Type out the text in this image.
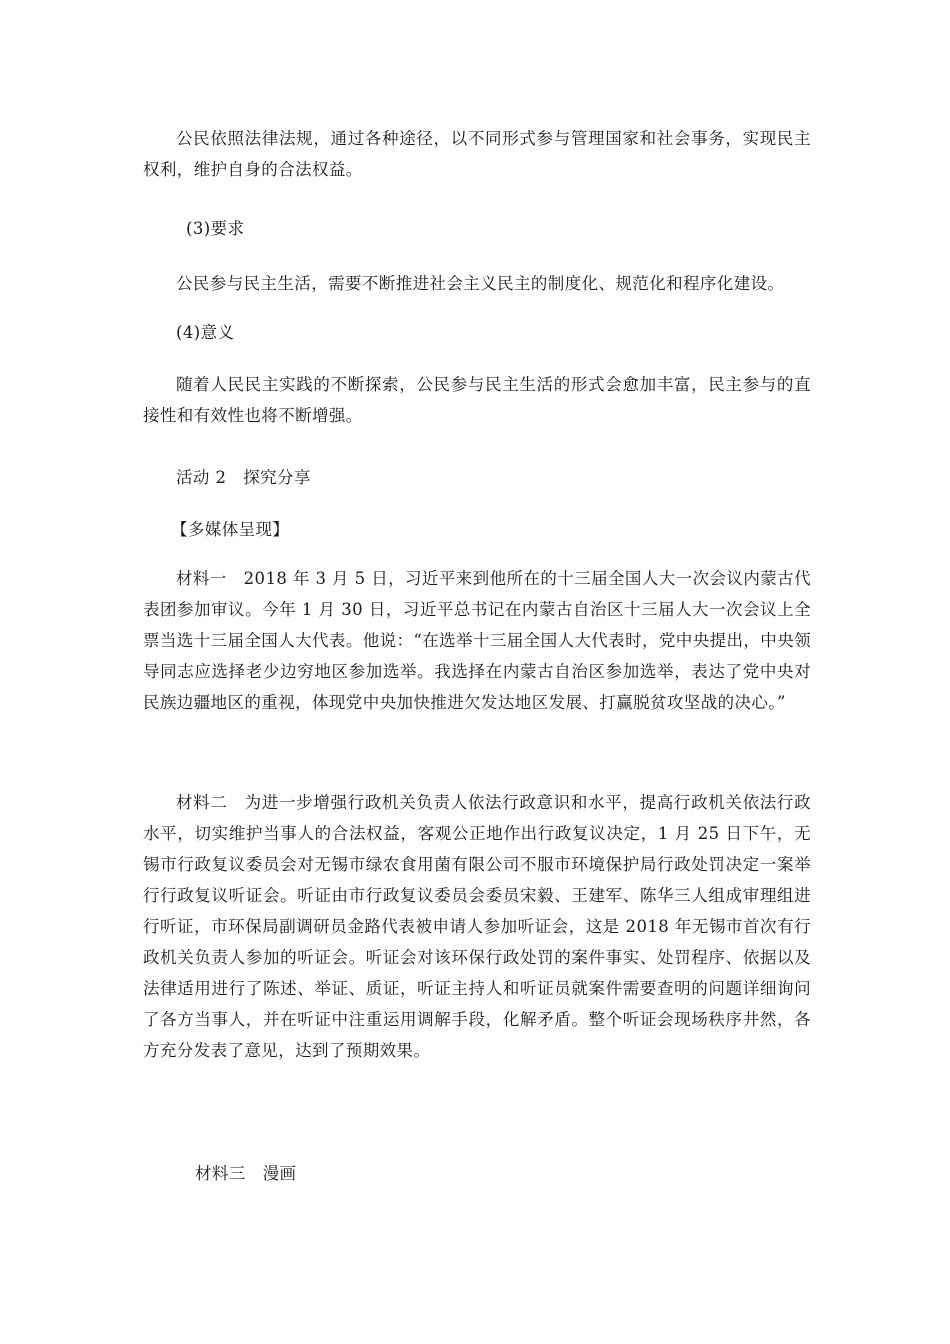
公民依照法律法规，通过各种途径，以不同形式参与管理国家和社会事务，实现民主权利，维护自身的合法权益。
(3)要求
公民参与民主生活，需要不断推进社会主义民主的制度化、规范化和程序化建设。
(4)意义
随着人民民主实践的不断探索，公民参与民主生活的形式会愈加丰富，民主参与的直接性和有效性也将不断增强。
活动 2　探究分享
【多媒体呈现】
材料一　2018 年 3 月 5 日，习近平来到他所在的十三届全国人大一次会议内蒙古代表团参加审议。今年 1 月 30 日，习近平总书记在内蒙古自治区十三届人大一次会议上全票当选十三届全国人大代表。他说：“在选举十三届全国人大代表时，党中央提出，中央领导同志应选择老少边穷地区参加选举。我选择在内蒙古自治区参加选举，表达了党中央对民族边疆地区的重视，体现党中央加快推进欠发达地区发展、打赢脱贫攻坚战的决心。”
材料二　为进一步增强行政机关负责人依法行政意识和水平，提高行政机关依法行政水平，切实维护当事人的合法权益，客观公正地作出行政复议决定，1 月 25 日下午，无锡市行政复议委员会对无锡市绿农食用菌有限公司不服市环境保护局行政处罚决定一案举行行政复议听证会。听证由市行政复议委员会委员宋毅、王建军、陈华三人组成审理组进行听证，市环保局副调研员金路代表被申请人参加听证会，这是 2018 年无锡市首次有行政机关负责人参加的听证会。听证会对该环保行政处罚的案件事实、处罚程序、依据以及法律适用进行了陈述、举证、质证，听证主持人和听证员就案件需要查明的问题详细询问了各方当事人，并在听证中注重运用调解手段，化解矛盾。整个听证会现场秩序井然，各方充分发表了意见，达到了预期效果。
材料三　漫画
